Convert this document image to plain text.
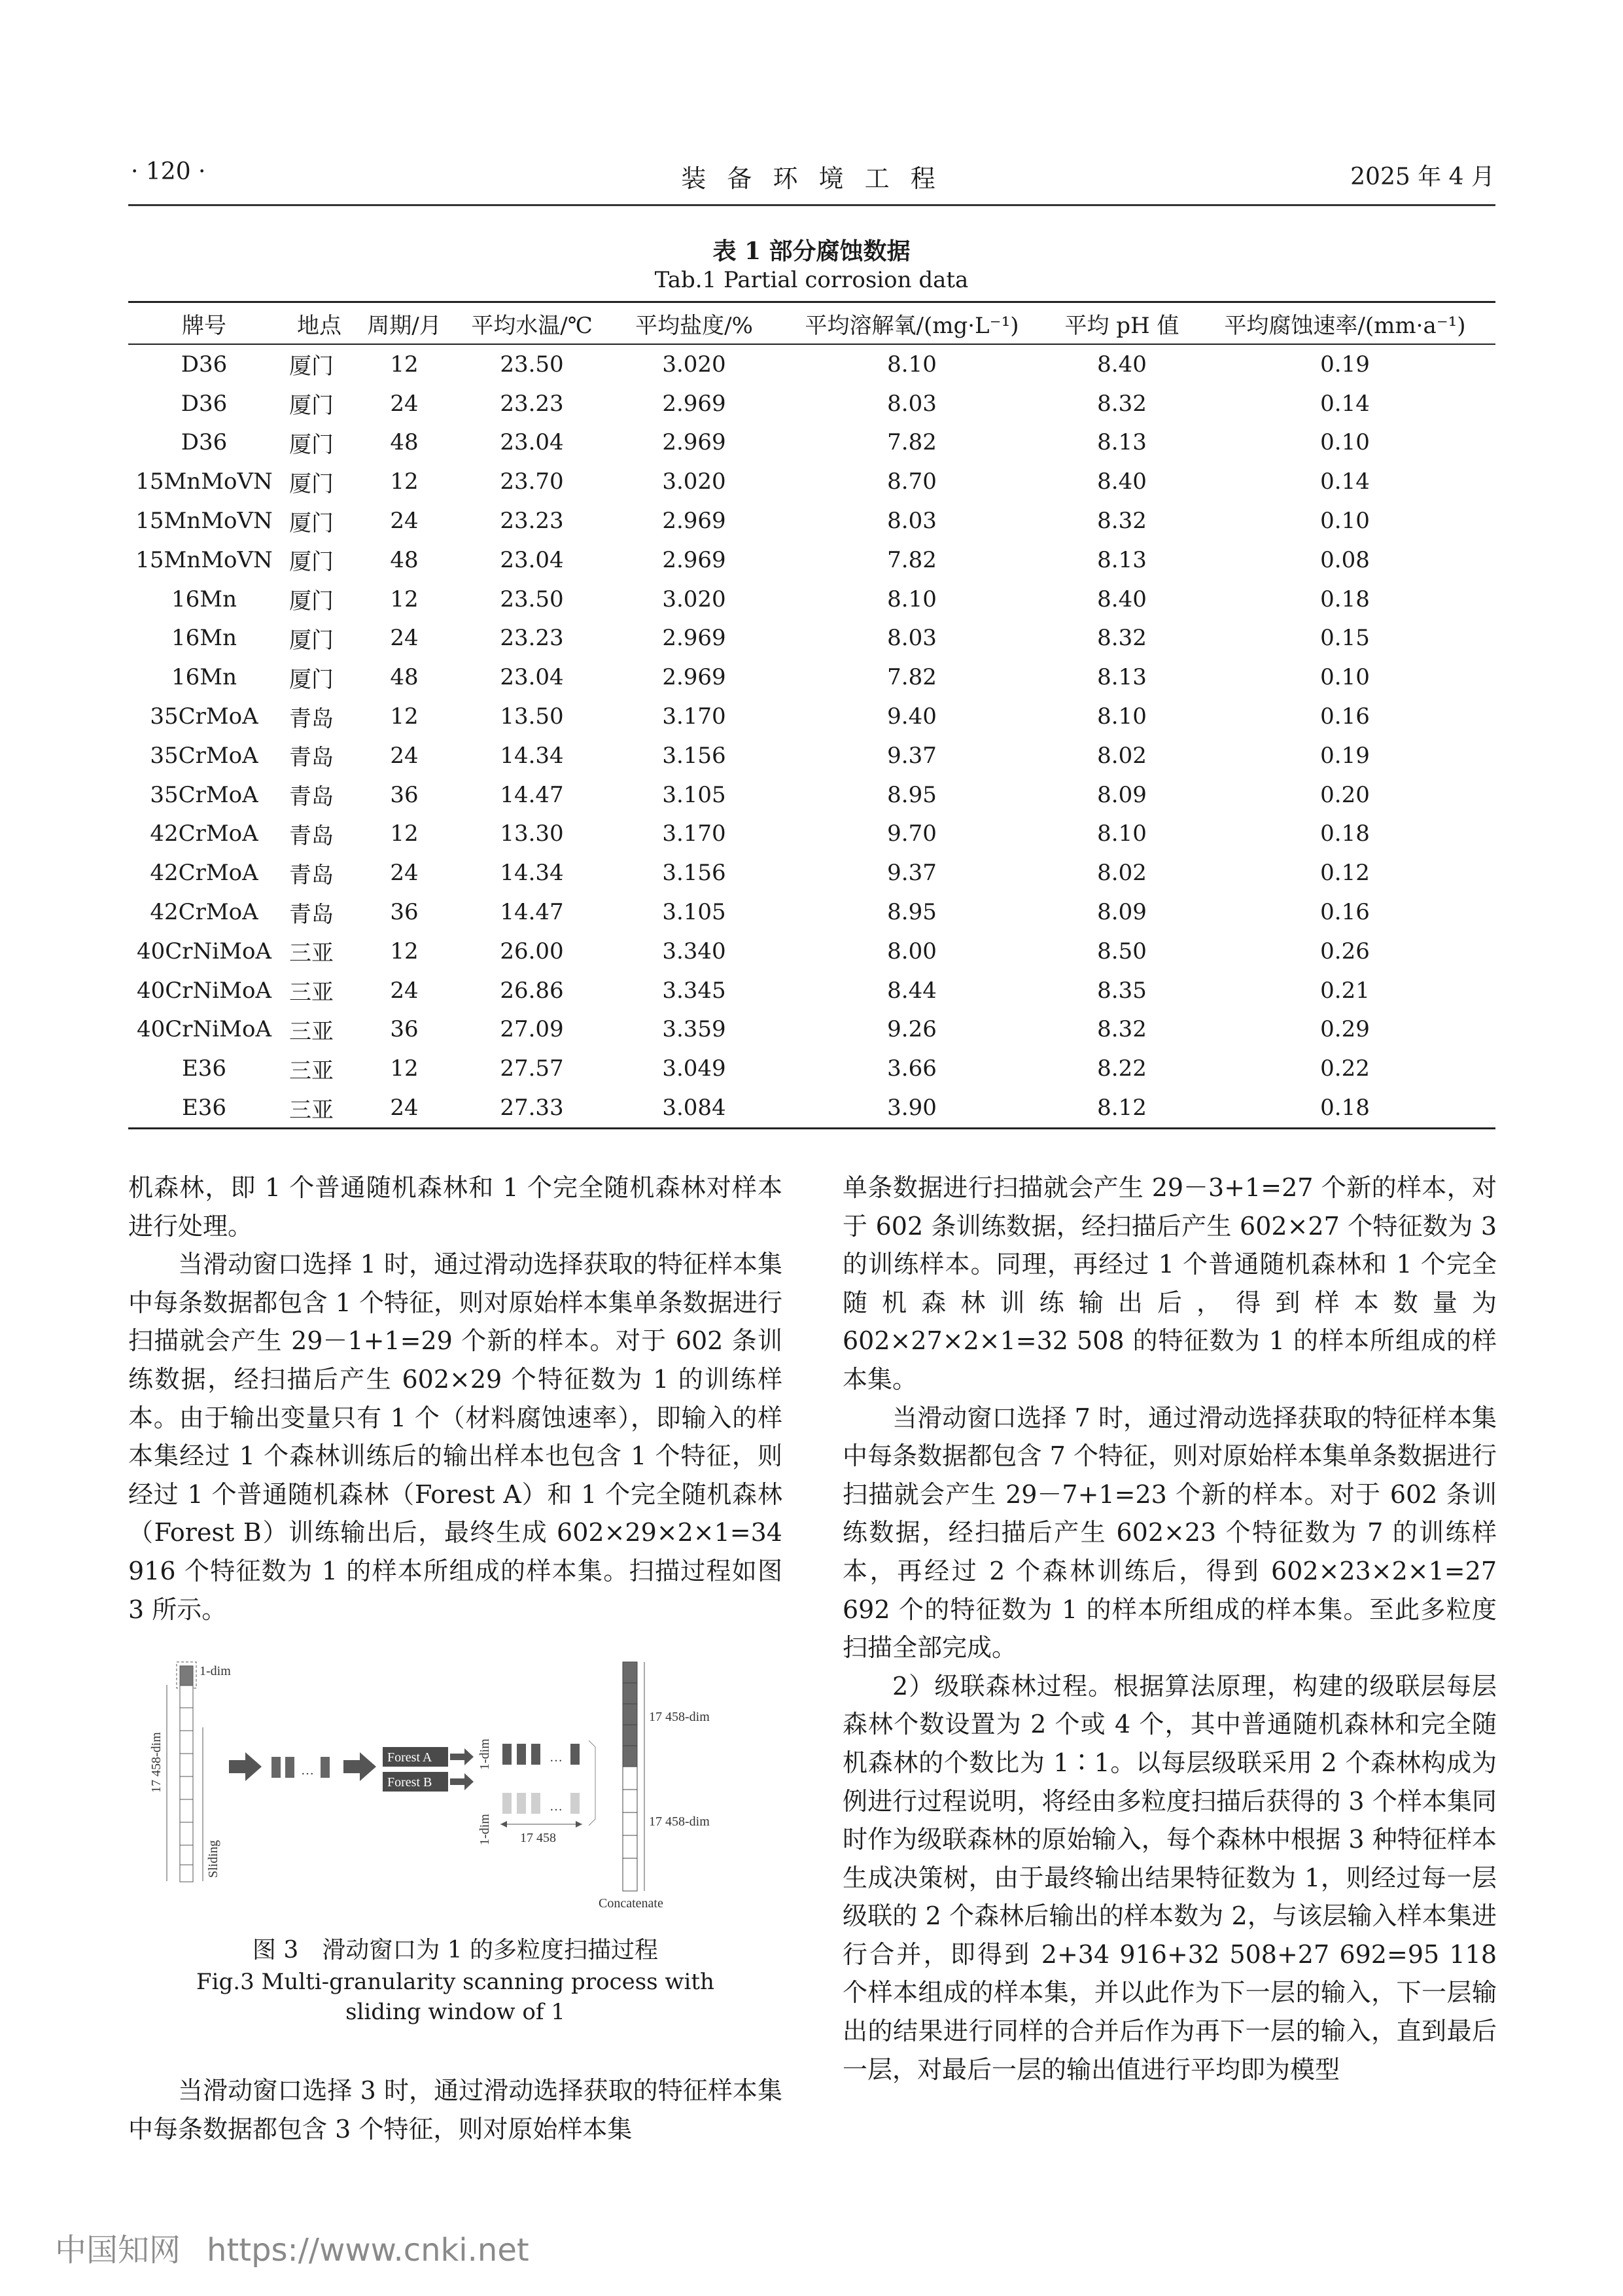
· 120 ·	装 备 环 境 工 程	2025 年 4 月
表 1 部分腐蚀数据
Tab.1 Partial corrosion data
牌号	地点	周期/月	平均水温/℃	平均盐度/%	平均溶解氧/(mg·L⁻¹)	平均 pH 值	平均腐蚀速率/(mm·a⁻¹)
D36	厦门	12	23.50	3.020	8.10	8.40	0.19
D36	厦门	24	23.23	2.969	8.03	8.32	0.14
D36	厦门	48	23.04	2.969	7.82	8.13	0.10
15MnMoVN	厦门	12	23.70	3.020	8.70	8.40	0.14
15MnMoVN	厦门	24	23.23	2.969	8.03	8.32	0.10
15MnMoVN	厦门	48	23.04	2.969	7.82	8.13	0.08
16Mn	厦门	12	23.50	3.020	8.10	8.40	0.18
16Mn	厦门	24	23.23	2.969	8.03	8.32	0.15
16Mn	厦门	48	23.04	2.969	7.82	8.13	0.10
35CrMoA	青岛	12	13.50	3.170	9.40	8.10	0.16
35CrMoA	青岛	24	14.34	3.156	9.37	8.02	0.19
35CrMoA	青岛	36	14.47	3.105	8.95	8.09	0.20
42CrMoA	青岛	12	13.30	3.170	9.70	8.10	0.18
42CrMoA	青岛	24	14.34	3.156	9.37	8.02	0.12
42CrMoA	青岛	36	14.47	3.105	8.95	8.09	0.16
40CrNiMoA	三亚	12	26.00	3.340	8.00	8.50	0.26
40CrNiMoA	三亚	24	26.86	3.345	8.44	8.35	0.21
40CrNiMoA	三亚	36	27.09	3.359	9.26	8.32	0.29
E36	三亚	12	27.57	3.049	3.66	8.22	0.22
E36	三亚	24	27.33	3.084	3.90	8.12	0.18

机森林，即 1 个普通随机森林和 1 个完全随机森林对样本进行处理。

当滑动窗口选择 1 时，通过滑动选择获取的特征样本集中每条数据都包含 1 个特征，则对原始样本集单条数据进行扫描就会产生 29－1+1=29 个新的样本。对于 602 条训练数据，经扫描后产生 602×29 个特征数为 1 的训练样本。由于输出变量只有 1 个（材料腐蚀速率），即输入的样本集经过 1 个森林训练后的输出样本也包含 1 个特征，则经过 1 个普通随机森林（Forest A）和 1 个完全随机森林（Forest B）训练输出后，最终生成 602×29×2×1=34 916 个特征数为 1 的样本所组成的样本集。扫描过程如图 3 所示。

17 458-dim
1-dim
Sliding
…
Forest A
Forest B
1-dim	…
1-dim
…
17 458
17 458-dim
17 458-dim
Concatenate
图 3　滑动窗口为 1 的多粒度扫描过程
Fig.3 Multi-granularity scanning process with
sliding window of 1

当滑动窗口选择 3 时，通过滑动选择获取的特征样本集中每条数据都包含 3 个特征，则对原始样本集

单条数据进行扫描就会产生 29－3+1=27 个新的样本，对于 602 条训练数据，经扫描后产生 602×27 个特征数为 3 的训练样本。同理，再经过 1 个普通随机森林和 1 个完全随机森林训练输出后，得到样本数量为 602×27×2×1=32 508 的特征数为 1 的样本所组成的样本集。

当滑动窗口选择 7 时，通过滑动选择获取的特征样本集中每条数据都包含 7 个特征，则对原始样本集单条数据进行扫描就会产生 29－7+1=23 个新的样本。对于 602 条训练数据，经扫描后产生 602×23 个特征数为 7 的训练样本，再经过 2 个森林训练后，得到 602×23×2×1=27 692 个的特征数为 1 的样本所组成的样本集。至此多粒度扫描全部完成。

2）级联森林过程。根据算法原理，构建的级联层每层森林个数设置为 2 个或 4 个，其中普通随机森林和完全随机森林的个数比为 1∶1。以每层级联采用 2 个森林构成为例进行过程说明，将经由多粒度扫描后获得的 3 个样本集同时作为级联森林的原始输入，每个森林中根据 3 种特征样本生成决策树，由于最终输出结果特征数为 1，则经过每一层级联的 2 个森林后输出的样本数为 2，与该层输入样本集进行合并，即得到 2+34 916+32 508+27 692=95 118 个样本组成的样本集，并以此作为下一层的输入，下一层输出的结果进行同样的合并后作为再下一层的输入，直到最后一层，对最后一层的输出值进行平均即为模型

中国知网 https://www.cnki.net
